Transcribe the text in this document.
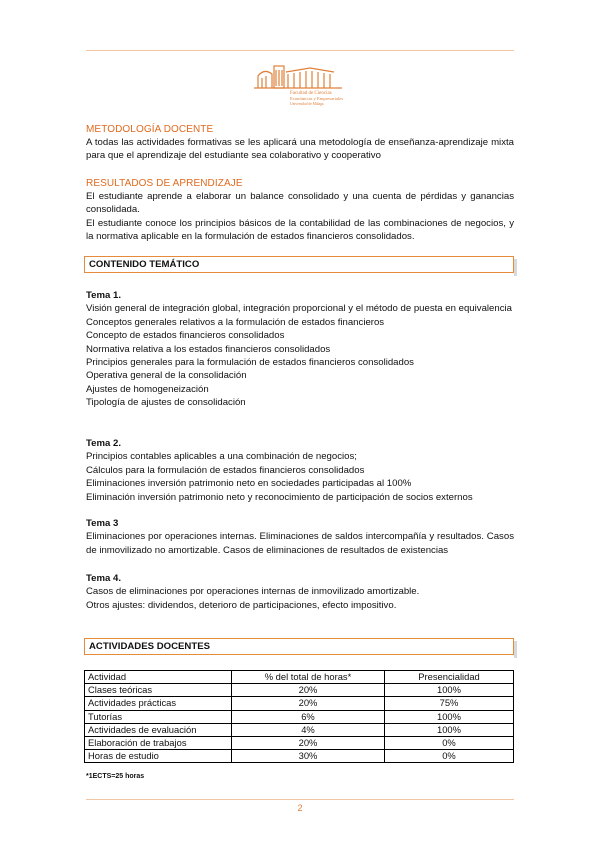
Facultad de Ciencias
Económicas y Empresariales
Universidad de Málaga
METODOLOGÍA DOCENTE

A todas las actividades formativas se les aplicará una metodología de enseñanza-aprendizaje mixta para que el aprendizaje del estudiante sea colaborativo y cooperativo

RESULTADOS DE APRENDIZAJE

El estudiante aprende a elaborar un balance consolidado y una cuenta de pérdidas y ganancias consolidada.

El estudiante conoce los principios básicos de la contabilidad de las combinaciones de negocios, y la normativa aplicable en la formulación de estados financieros consolidados.

CONTENIDO TEMÁTICO

Tema 1.

Visión general de integración global, integración proporcional y el método de puesta en equivalencia

Conceptos generales relativos a la formulación de estados financieros

Concepto de estados financieros consolidados

Normativa relativa a los estados financieros consolidados

Principios generales para la formulación de estados financieros consolidados

Operativa general de la consolidación

Ajustes de homogeneización

Tipología de ajustes de consolidación

Tema 2.

Principios contables aplicables a una combinación de negocios;

Cálculos para la formulación de estados financieros consolidados

Eliminaciones inversión patrimonio neto en sociedades participadas al 100%

Eliminación inversión patrimonio neto y reconocimiento de participación de socios externos

Tema 3

Eliminaciones por operaciones internas. Eliminaciones de saldos intercompañía y resultados. Casos de inmovilizado no amortizable. Casos de eliminaciones de resultados de existencias

Tema 4.

Casos de eliminaciones por operaciones internas de inmovilizado amortizable.

Otros ajustes: dividendos, deterioro de participaciones, efecto impositivo.

ACTIVIDADES DOCENTES
Actividad	% del total de horas*	Presencialidad
Clases teóricas	20%	100%
Actividades prácticas	20%	75%
Tutorías	6%	100%
Actividades de evaluación	4%	100%
Elaboración de trabajos	20%	0%
Horas de estudio	30%	0%
*1ECTS=25 horas
2
